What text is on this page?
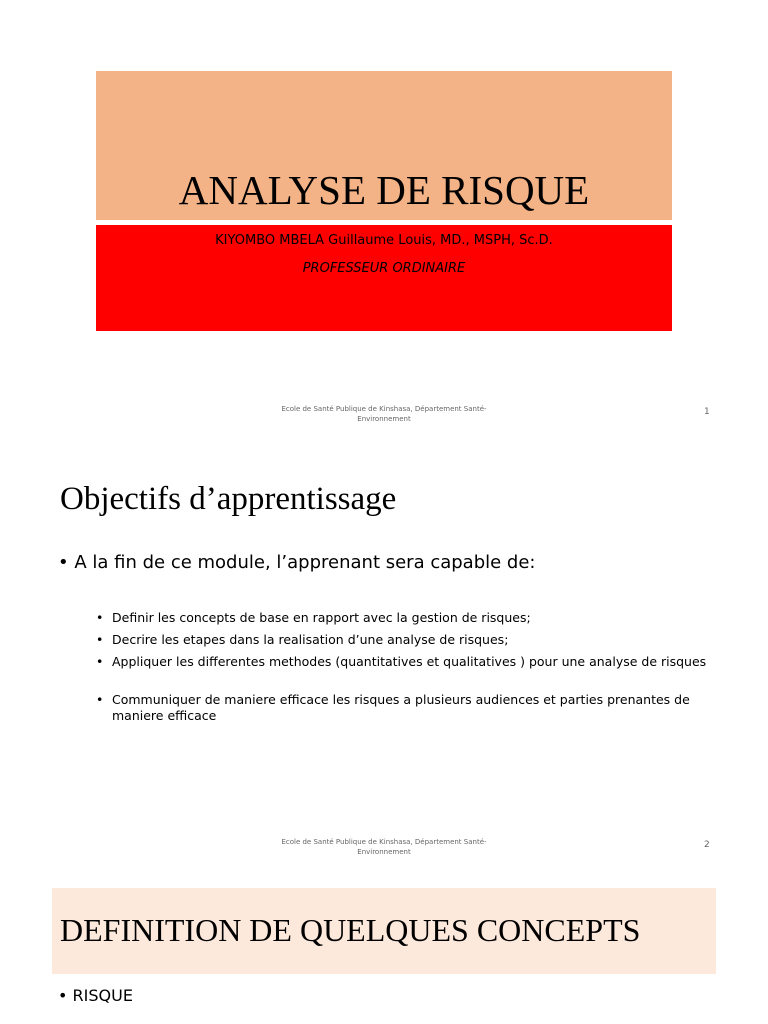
ANALYSE DE RISQUE
KIYOMBO MBELA Guillaume Louis, MD., MSPH, Sc.D.
PROFESSEUR ORDINAIRE
Ecole de Santé Publique de Kinshasa, Département Santé-
Environnement
1
Objectifs d’apprentissage
• A la fin de ce module, l’apprenant sera capable de:
• Definir les concepts de base en rapport avec la gestion de risques;
• Decrire les etapes dans la realisation d’une analyse de risques;
• Appliquer les differentes methodes (quantitatives et qualitatives ) pour une analyse de risques
• Communiquer de maniere efficace les risques a plusieurs audiences et parties prenantes de maniere efficace
Ecole de Santé Publique de Kinshasa, Département Santé-
Environnement
2
DEFINITION DE QUELQUES CONCEPTS
• RISQUE
